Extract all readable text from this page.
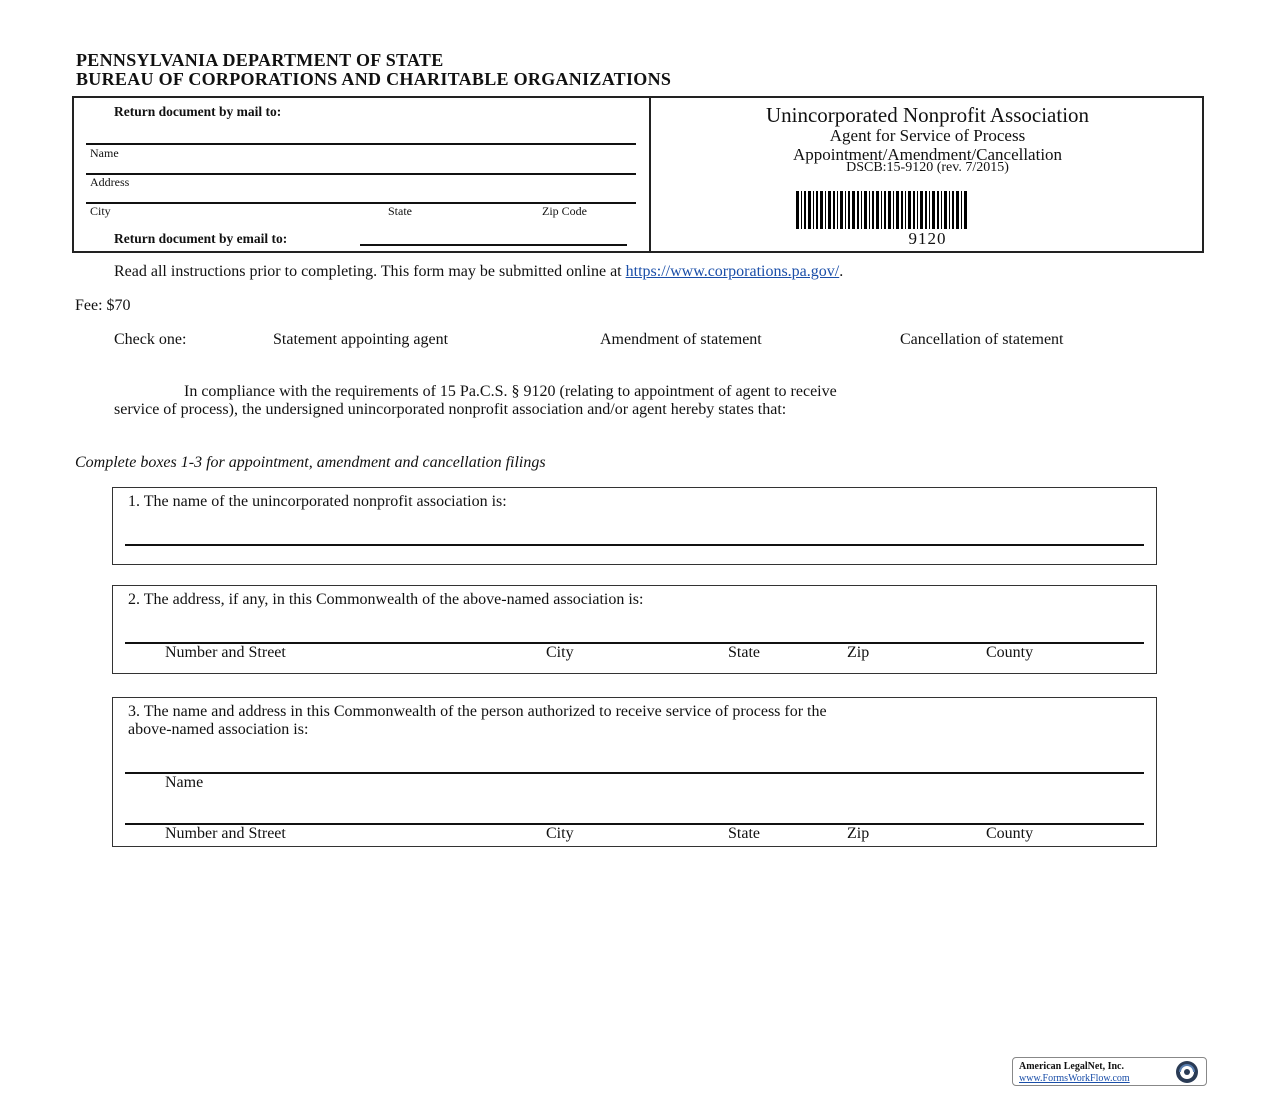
PENNSYLVANIA DEPARTMENT OF STATE
BUREAU OF CORPORATIONS AND CHARITABLE ORGANIZATIONS
Return document by mail to:
Name
Address
City	State	Zip Code
Return document by email to:
Unincorporated Nonprofit Association
Agent for Service of Process
Appointment/Amendment/Cancellation
DSCB:15-9120 (rev. 7/2015)
9120
Read all instructions prior to completing. This form may be submitted online at https://www.corporations.pa.gov/.
Fee: $70
Check one:	Statement appointing agent	Amendment of statement	Cancellation of statement
In compliance with the requirements of 15 Pa.C.S. § 9120 (relating to appointment of agent to receive
service of process), the undersigned unincorporated nonprofit association and/or agent hereby states that:
Complete boxes 1-3 for appointment, amendment and cancellation filings
1. The name of the unincorporated nonprofit association is:
2. The address, if any, in this Commonwealth of the above-named association is:
Number and Street	City	State	Zip	County
3. The name and address in this Commonwealth of the person authorized to receive service of process for the
above-named association is:
Name
Number and Street	City	State	Zip	County
American LegalNet, Inc.
www.FormsWorkFlow.com
